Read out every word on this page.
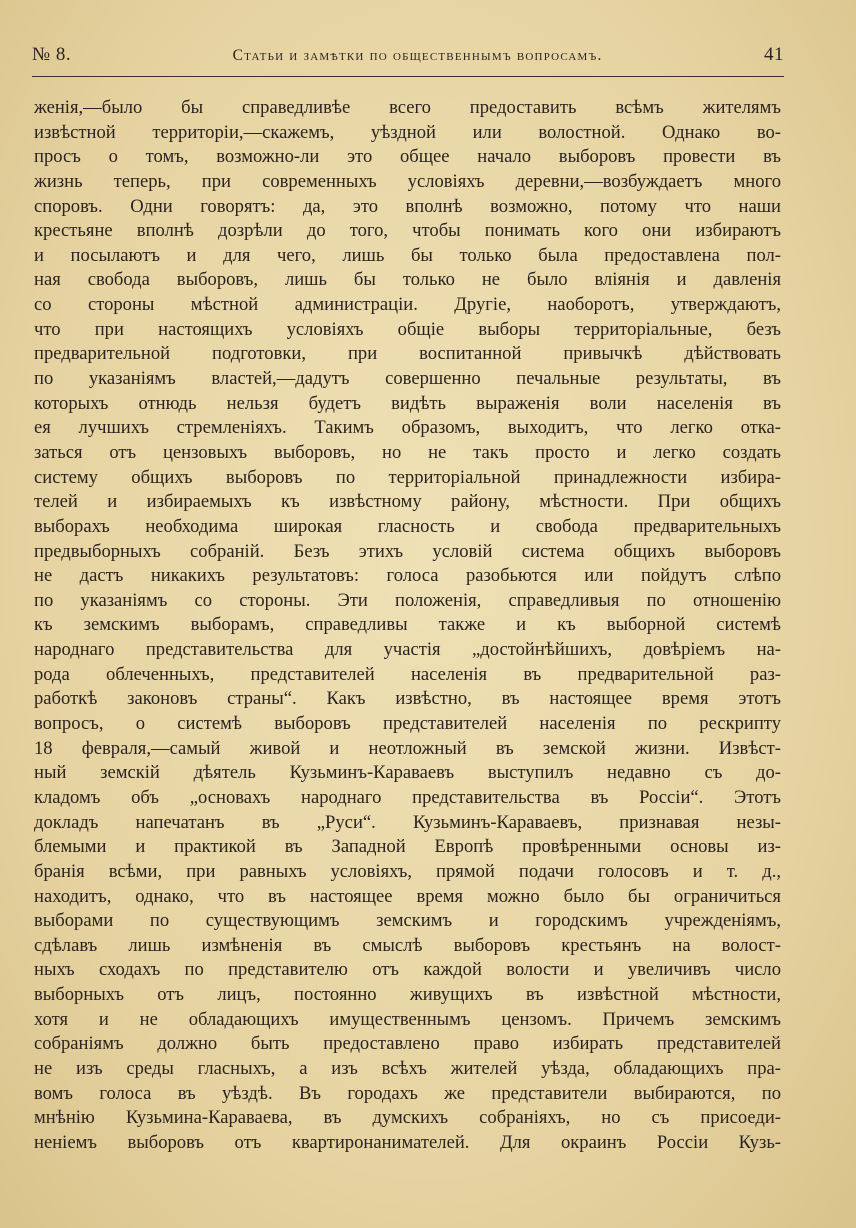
№ 8.	Статьи и замѣтки по общественнымъ вопросамъ.	41
женія,—было бы справедливѣе всего предоставить всѣмъ жителямъ
извѣстной территоріи,—скажемъ, уѣздной или волостной. Однако во-
просъ о томъ, возможно-ли это общее начало выборовъ провести въ
жизнь теперь, при современныхъ условіяхъ деревни,—возбуждаетъ много
споровъ. Одни говорятъ: да, это вполнѣ возможно, потому что наши
крестьяне вполнѣ дозрѣли до того, чтобы понимать кого они избираютъ
и посылаютъ и для чего, лишь бы только была предоставлена пол-
ная свобода выборовъ, лишь бы только не было вліянія и давленія
со стороны мѣстной администраціи. Другіе, наоборотъ, утверждаютъ,
что при настоящихъ условіяхъ общіе выборы территоріальные, безъ
предварительной подготовки, при воспитанной привычкѣ дѣйствовать
по указаніямъ властей,—дадутъ совершенно печальные результаты, въ
которыхъ отнюдь нельзя будетъ видѣть выраженія воли населенія въ
ея лучшихъ стремленіяхъ. Такимъ образомъ, выходитъ, что легко отка-
заться отъ цензовыхъ выборовъ, но не такъ просто и легко создать
систему общихъ выборовъ по территоріальной принадлежности избира-
телей и избираемыхъ къ извѣстному району, мѣстности. При общихъ
выборахъ необходима широкая гласность и свобода предварительныхъ
предвыборныхъ собраній. Безъ этихъ условій система общихъ выборовъ
не дастъ никакихъ результатовъ: голоса разобьются или пойдутъ слѣпо
по указаніямъ со стороны. Эти положенія, справедливыя по отношенію
къ земскимъ выборамъ, справедливы также и къ выборной системѣ
народнаго представительства для участія „достойнѣйшихъ, довѣріемъ на-
рода облеченныхъ, представителей населенія въ предварительной раз-
работкѣ законовъ страны“. Какъ извѣстно, въ настоящее время этотъ
вопросъ, о системѣ выборовъ представителей населенія по рескрипту
18 февраля,—самый живой и неотложный въ земской жизни. Извѣст-
ный земскій дѣятель Кузьминъ-Караваевъ выступилъ недавно съ до-
кладомъ объ „основахъ народнаго представительства въ Россіи“. Этотъ
докладъ напечатанъ въ „Руси“. Кузьминъ-Караваевъ, признавая незы-
блемыми и практикой въ Западной Европѣ провѣренными основы из-
бранія всѣми, при равныхъ условіяхъ, прямой подачи голосовъ и т. д.,
находитъ, однако, что въ настоящее время можно было бы ограничиться
выборами по существующимъ земскимъ и городскимъ учрежденіямъ,
сдѣлавъ лишь измѣненія въ смыслѣ выборовъ крестьянъ на волост-
ныхъ сходахъ по представителю отъ каждой волости и увеличивъ число
выборныхъ отъ лицъ, постоянно живущихъ въ извѣстной мѣстности,
хотя и не обладающихъ имущественнымъ цензомъ. Причемъ земскимъ
собраніямъ должно быть предоставлено право избирать представителей
не изъ среды гласныхъ, а изъ всѣхъ жителей уѣзда, обладающихъ пра-
вомъ голоса въ уѣздѣ. Въ городахъ же представители выбираются, по
мнѣнію Кузьмина-Караваева, въ думскихъ собраніяхъ, но съ присоеди-
неніемъ выборовъ отъ квартиронанимателей. Для окраинъ Россіи Кузь-
